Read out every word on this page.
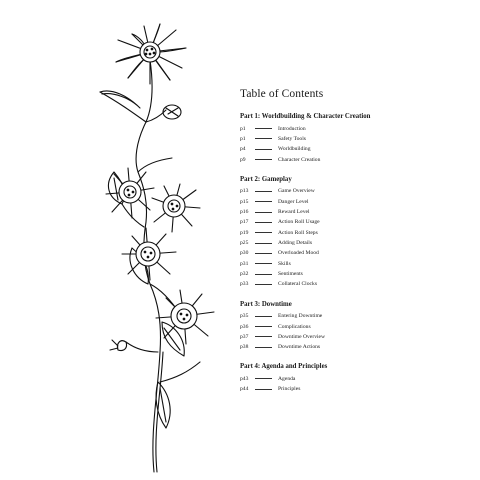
Table of Contents
Part 1: Worldbuilding & Character Creation
p1	Introduction
p1	Safety Tools
p4	Worldbuilding
p9	Character Creation
Part 2: Gameplay
p13	Game Overview
p15	Danger Level
p16	Reward Level
p17	Action Roll Usage
p19	Action Roll Steps
p25	Adding Details
p30	Overloaded Mood
p31	Skills
p32	Sentiments
p33	Collateral Clocks
Part 3: Downtime
p35	Entering Downtime
p36	Complications
p37	Downtime Overview
p38	Downtime Actions
Part 4: Agenda and Principles
p43	Agenda
p44	Principles
